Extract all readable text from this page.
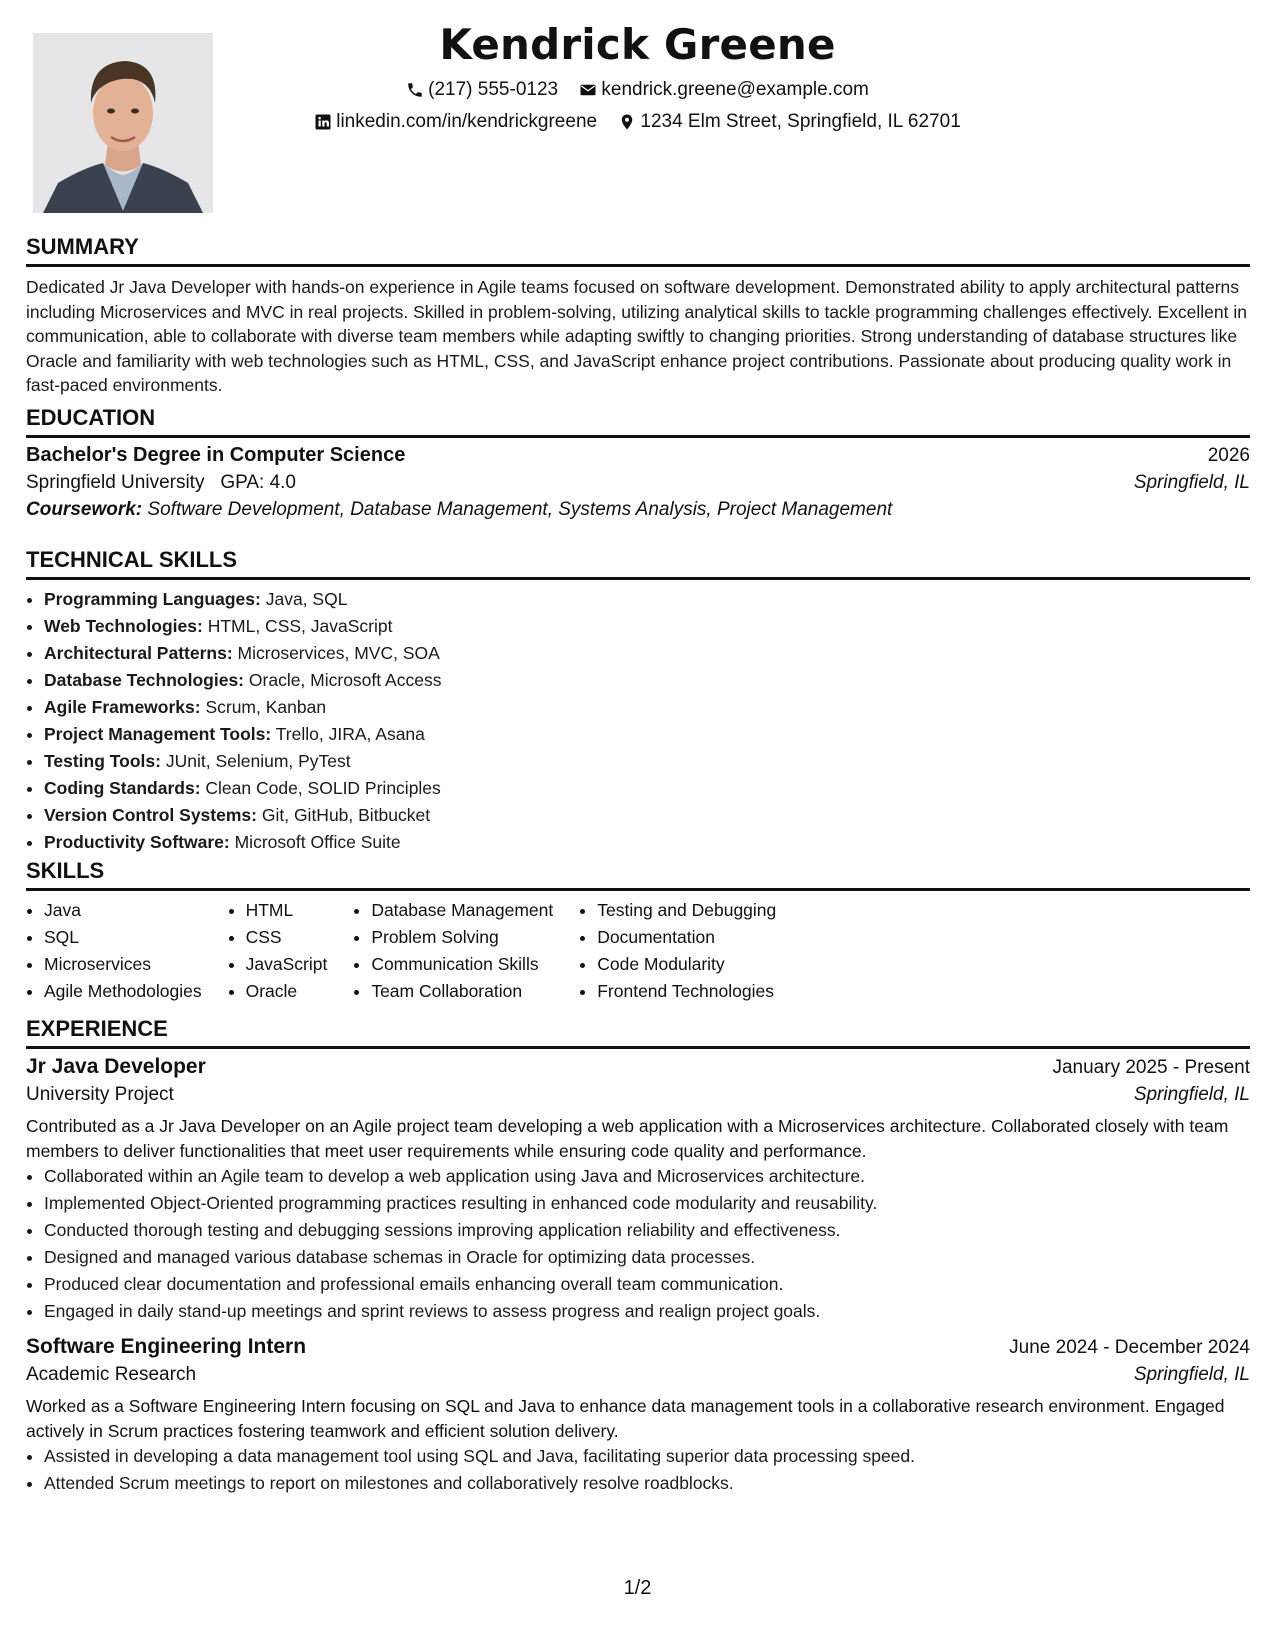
Kendrick Greene
(217) 555-0123
kendrick.greene@example.com
linkedin.com/in/kendrickgreene
1234 Elm Street, Springfield, IL 62701
SUMMARY
Dedicated Jr Java Developer with hands-on experience in Agile teams focused on software development. Demonstrated ability to apply architectural patterns including Microservices and MVC in real projects. Skilled in problem-solving, utilizing analytical skills to tackle programming challenges effectively. Excellent in communication, able to collaborate with diverse team members while adapting swiftly to changing priorities. Strong understanding of database structures like Oracle and familiarity with web technologies such as HTML, CSS, and JavaScript enhance project contributions. Passionate about producing quality work in fast-paced environments.
EDUCATION
Bachelor's Degree in Computer Science	2026
Springfield University GPA: 4.0	Springfield, IL
Coursework: Software Development, Database Management, Systems Analysis, Project Management
TECHNICAL SKILLS
• Programming Languages: Java, SQL
• Web Technologies: HTML, CSS, JavaScript
• Architectural Patterns: Microservices, MVC, SOA
• Database Technologies: Oracle, Microsoft Access
• Agile Frameworks: Scrum, Kanban
• Project Management Tools: Trello, JIRA, Asana
• Testing Tools: JUnit, Selenium, PyTest
• Coding Standards: Clean Code, SOLID Principles
• Version Control Systems: Git, GitHub, Bitbucket
• Productivity Software: Microsoft Office Suite
SKILLS
• Java
• SQL
• Microservices
• Agile Methodologies
• HTML
• CSS
• JavaScript
• Oracle
• Database Management
• Problem Solving
• Communication Skills
• Team Collaboration
• Testing and Debugging
• Documentation
• Code Modularity
• Frontend Technologies
EXPERIENCE
Jr Java Developer	January 2025 - Present
University Project	Springfield, IL
Contributed as a Jr Java Developer on an Agile project team developing a web application with a Microservices architecture. Collaborated closely with team members to deliver functionalities that meet user requirements while ensuring code quality and performance.
• Collaborated within an Agile team to develop a web application using Java and Microservices architecture.
• Implemented Object-Oriented programming practices resulting in enhanced code modularity and reusability.
• Conducted thorough testing and debugging sessions improving application reliability and effectiveness.
• Designed and managed various database schemas in Oracle for optimizing data processes.
• Produced clear documentation and professional emails enhancing overall team communication.
• Engaged in daily stand-up meetings and sprint reviews to assess progress and realign project goals.
Software Engineering Intern	June 2024 - December 2024
Academic Research	Springfield, IL
Worked as a Software Engineering Intern focusing on SQL and Java to enhance data management tools in a collaborative research environment. Engaged actively in Scrum practices fostering teamwork and efficient solution delivery.
• Assisted in developing a data management tool using SQL and Java, facilitating superior data processing speed.
• Attended Scrum meetings to report on milestones and collaboratively resolve roadblocks.
1/2
